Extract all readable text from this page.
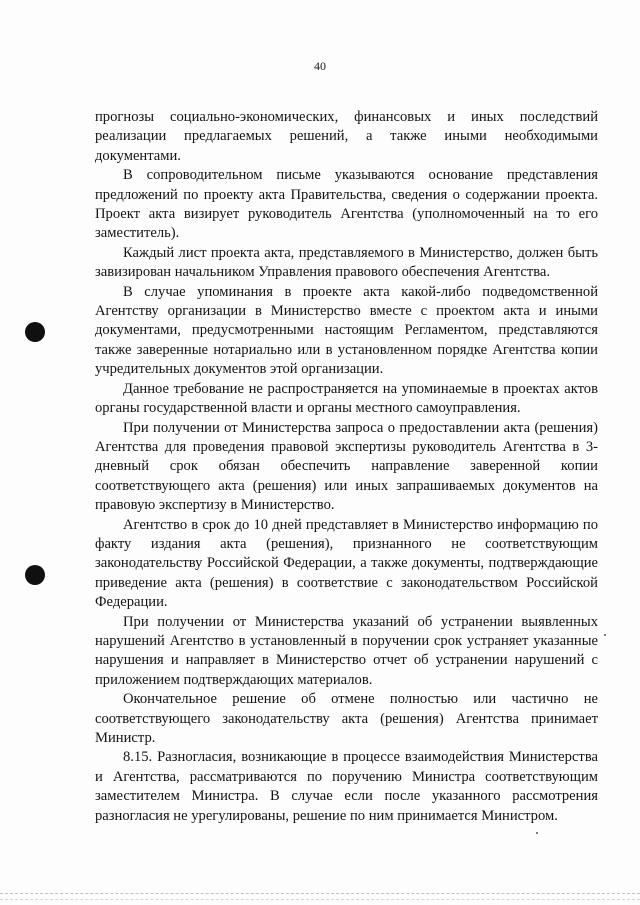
40

прогнозы социально-экономических, финансовых и иных последствий реализации предлагаемых решений, а также иными необходимыми документами.

В сопроводительном письме указываются основание представления предложений по проекту акта Правительства, сведения о содержании проекта. Проект акта визирует руководитель Агентства (уполномоченный на то его заместитель).

Каждый лист проекта акта, представляемого в Министерство, должен быть завизирован начальником Управления правового обеспечения Агентства.

В случае упоминания в проекте акта какой-либо подведомственной Агентству организации в Министерство вместе с проектом акта и иными документами, предусмотренными настоящим Регламентом, представляются также заверенные нотариально или в установленном порядке Агентства копии учредительных документов этой организации.

Данное требование не распространяется на упоминаемые в проектах актов органы государственной власти и органы местного самоуправления.

При получении от Министерства запроса о предоставлении акта (решения) Агентства для проведения правовой экспертизы руководитель Агентства в 3-дневный срок обязан обеспечить направление заверенной копии соответствующего акта (решения) или иных запрашиваемых документов на правовую экспертизу в Министерство.

Агентство в срок до 10 дней представляет в Министерство информацию по факту издания акта (решения), признанного не соответствующим законодательству Российской Федерации, а также документы, подтверждающие приведение акта (решения) в соответствие с законодательством Российской Федерации.

При получении от Министерства указаний об устранении выявленных нарушений Агентство в установленный в поручении срок устраняет указанные нарушения и направляет в Министерство отчет об устранении нарушений с приложением подтверждающих материалов.

Окончательное решение об отмене полностью или частично не соответствующего законодательству акта (решения) Агентства принимает Министр.

8.15. Разногласия, возникающие в процессе взаимодействия Министерства и Агентства, рассматриваются по поручению Министра соответствующим заместителем Министра. В случае если после указанного рассмотрения разногласия не урегулированы, решение по ним принимается Министром.
